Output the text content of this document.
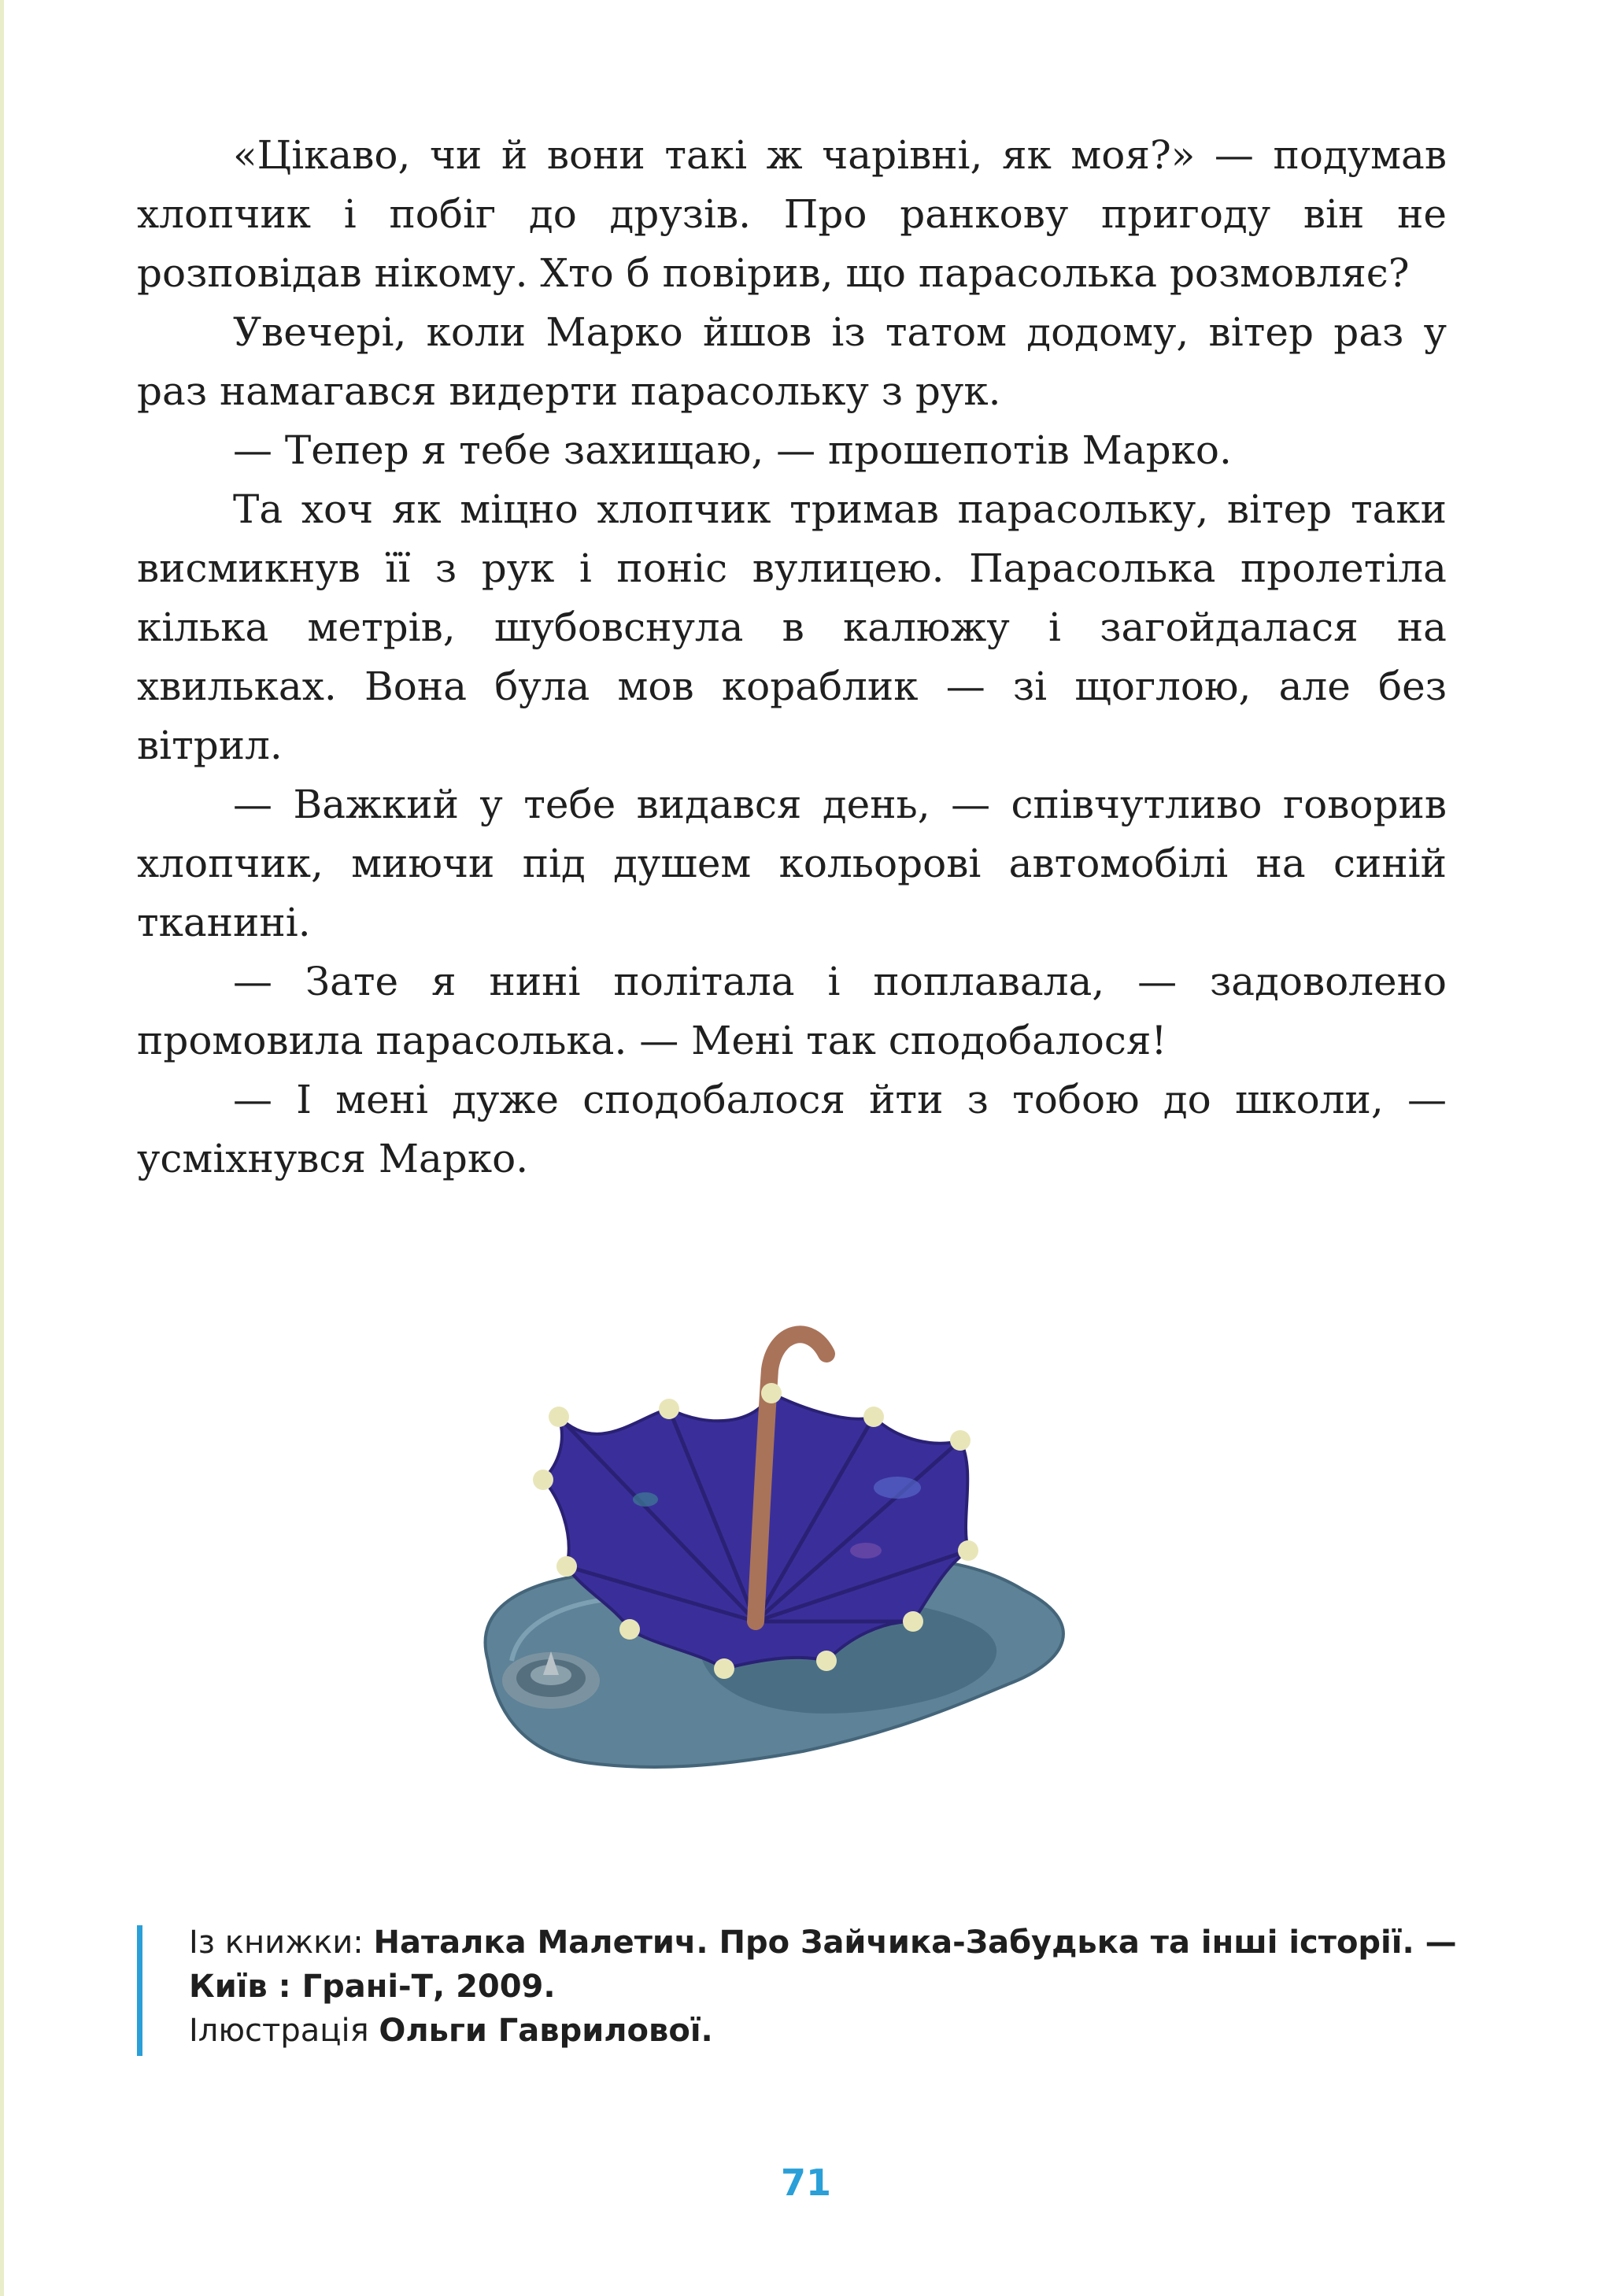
«Цікаво, чи й вони такі ж чарівні, як моя?» — подумав хлопчик і побіг до друзів. Про ранкову пригоду він не розповідав нікому. Хто б повірив, що парасолька розмовляє?

Увечері, коли Марко йшов із татом додому, вітер раз у раз намагався видерти парасольку з рук.

— Тепер я тебе захищаю, — прошепотів Марко.

Та хоч як міцно хлопчик тримав парасольку, вітер таки висмикнув її з рук і поніс вулицею. Парасолька пролетіла кілька метрів, шубовснула в калюжу і загойдалася на хвильках. Вона була мов кораблик — зі щоглою, але без вітрил.

— Важкий у тебе видався день, — співчутливо говорив хлопчик, миючи під душем кольорові автомобілі на синій тканині.

— Зате я нині політала і поплавала, — задоволено промовила парасолька. — Мені так сподобалося!

— І мені дуже сподобалося йти з тобою до школи, — усміхнувся Марко.

Із книжки: Наталка Малетич. Про Зайчика-Забудька та інші історії. —
Київ : Грані-Т, 2009.
Ілюстрація Ольги Гаврилової.
71
